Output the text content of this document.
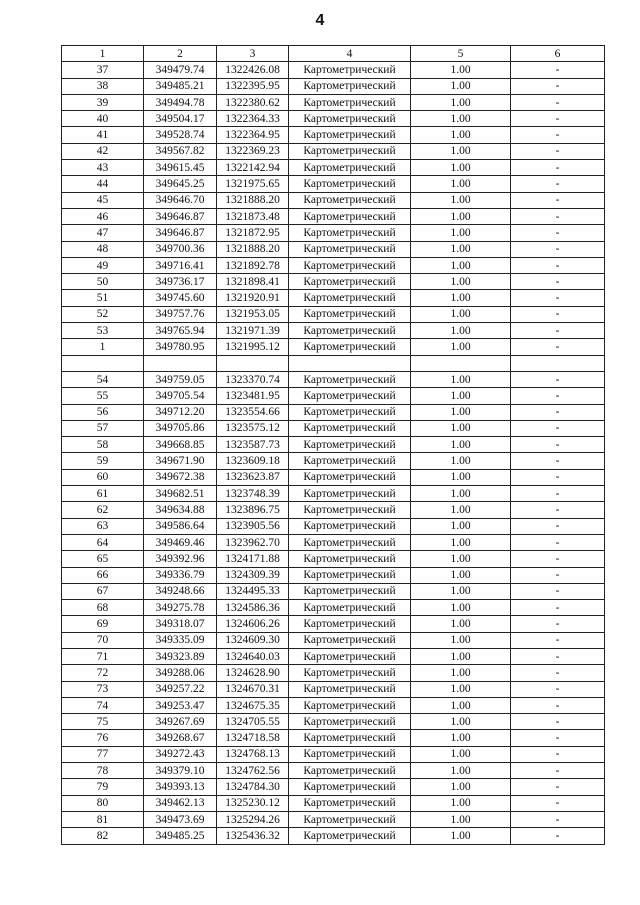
4
1	2	3	4	5	6
37	349479.74	1322426.08	Картометрический	1.00	-
38	349485.21	1322395.95	Картометрический	1.00	-
39	349494.78	1322380.62	Картометрический	1.00	-
40	349504.17	1322364.33	Картометрический	1.00	-
41	349528.74	1322364.95	Картометрический	1.00	-
42	349567.82	1322369.23	Картометрический	1.00	-
43	349615.45	1322142.94	Картометрический	1.00	-
44	349645.25	1321975.65	Картометрический	1.00	-
45	349646.70	1321888.20	Картометрический	1.00	-
46	349646.87	1321873.48	Картометрический	1.00	-
47	349646.87	1321872.95	Картометрический	1.00	-
48	349700.36	1321888.20	Картометрический	1.00	-
49	349716.41	1321892.78	Картометрический	1.00	-
50	349736.17	1321898.41	Картометрический	1.00	-
51	349745.60	1321920.91	Картометрический	1.00	-
52	349757.76	1321953.05	Картометрический	1.00	-
53	349765.94	1321971.39	Картометрический	1.00	-
1	349780.95	1321995.12	Картометрический	1.00	-

54	349759.05	1323370.74	Картометрический	1.00	-
55	349705.54	1323481.95	Картометрический	1.00	-
56	349712.20	1323554.66	Картометрический	1.00	-
57	349705.86	1323575.12	Картометрический	1.00	-
58	349668.85	1323587.73	Картометрический	1.00	-
59	349671.90	1323609.18	Картометрический	1.00	-
60	349672.38	1323623.87	Картометрический	1.00	-
61	349682.51	1323748.39	Картометрический	1.00	-
62	349634.88	1323896.75	Картометрический	1.00	-
63	349586.64	1323905.56	Картометрический	1.00	-
64	349469.46	1323962.70	Картометрический	1.00	-
65	349392.96	1324171.88	Картометрический	1.00	-
66	349336.79	1324309.39	Картометрический	1.00	-
67	349248.66	1324495.33	Картометрический	1.00	-
68	349275.78	1324586.36	Картометрический	1.00	-
69	349318.07	1324606.26	Картометрический	1.00	-
70	349335.09	1324609.30	Картометрический	1.00	-
71	349323.89	1324640.03	Картометрический	1.00	-
72	349288.06	1324628.90	Картометрический	1.00	-
73	349257.22	1324670.31	Картометрический	1.00	-
74	349253.47	1324675.35	Картометрический	1.00	-
75	349267.69	1324705.55	Картометрический	1.00	-
76	349268.67	1324718.58	Картометрический	1.00	-
77	349272.43	1324768.13	Картометрический	1.00	-
78	349379.10	1324762.56	Картометрический	1.00	-
79	349393.13	1324784.30	Картометрический	1.00	-
80	349462.13	1325230.12	Картометрический	1.00	-
81	349473.69	1325294.26	Картометрический	1.00	-
82	349485.25	1325436.32	Картометрический	1.00	-
